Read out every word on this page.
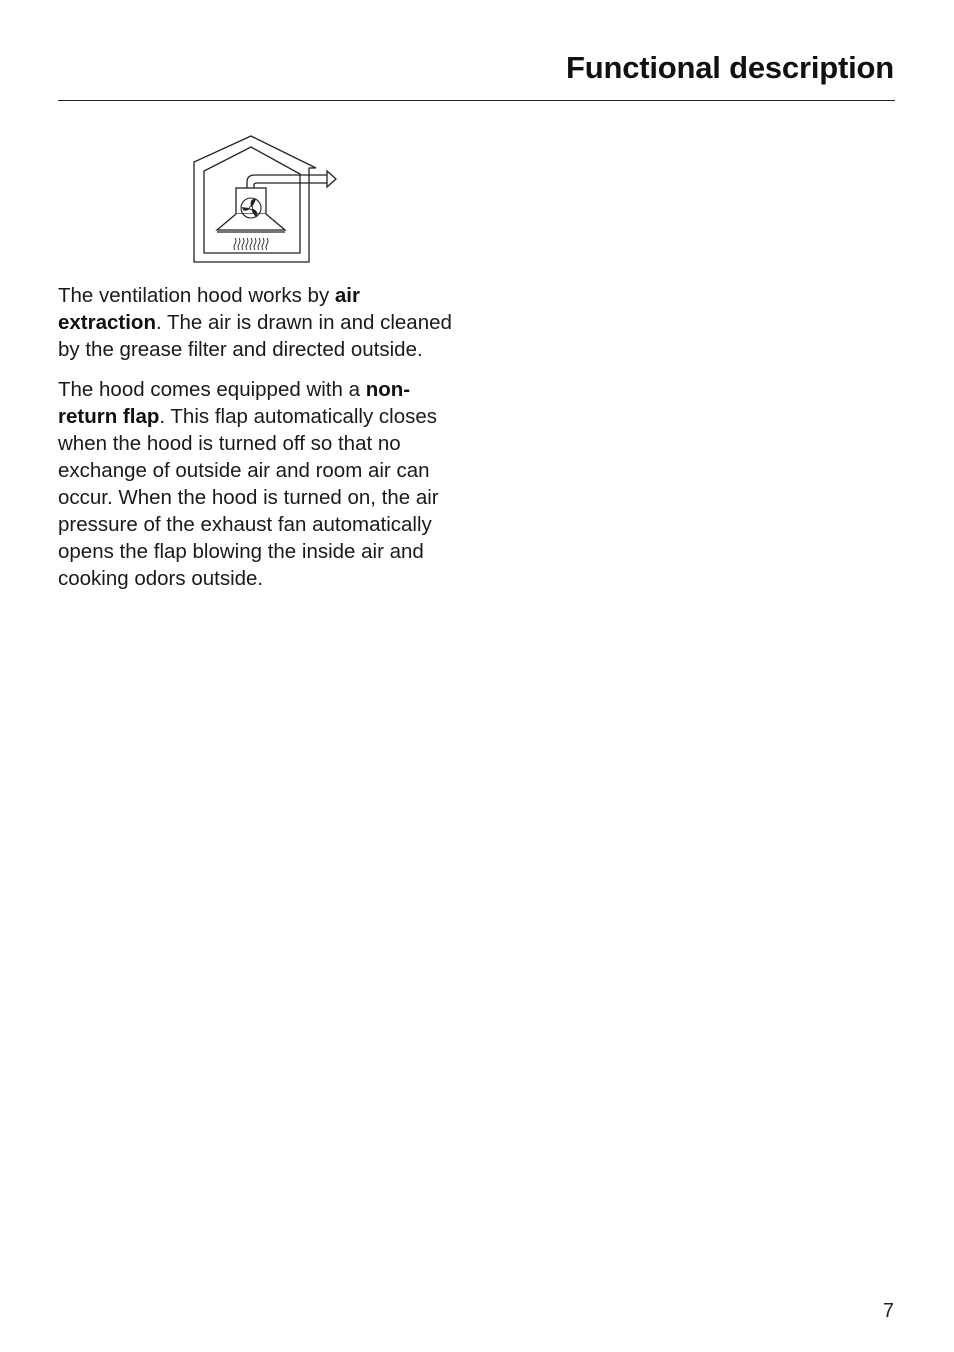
Functional description

The ventilation hood works by air extraction. The air is drawn in and cleaned by the grease filter and directed outside.

The hood comes equipped with a non-return flap. This flap automatically closes when the hood is turned off so that no exchange of outside air and room air can occur. When the hood is turned on, the air pressure of the exhaust fan automatically opens the flap blowing the inside air and cooking odors outside.

7
